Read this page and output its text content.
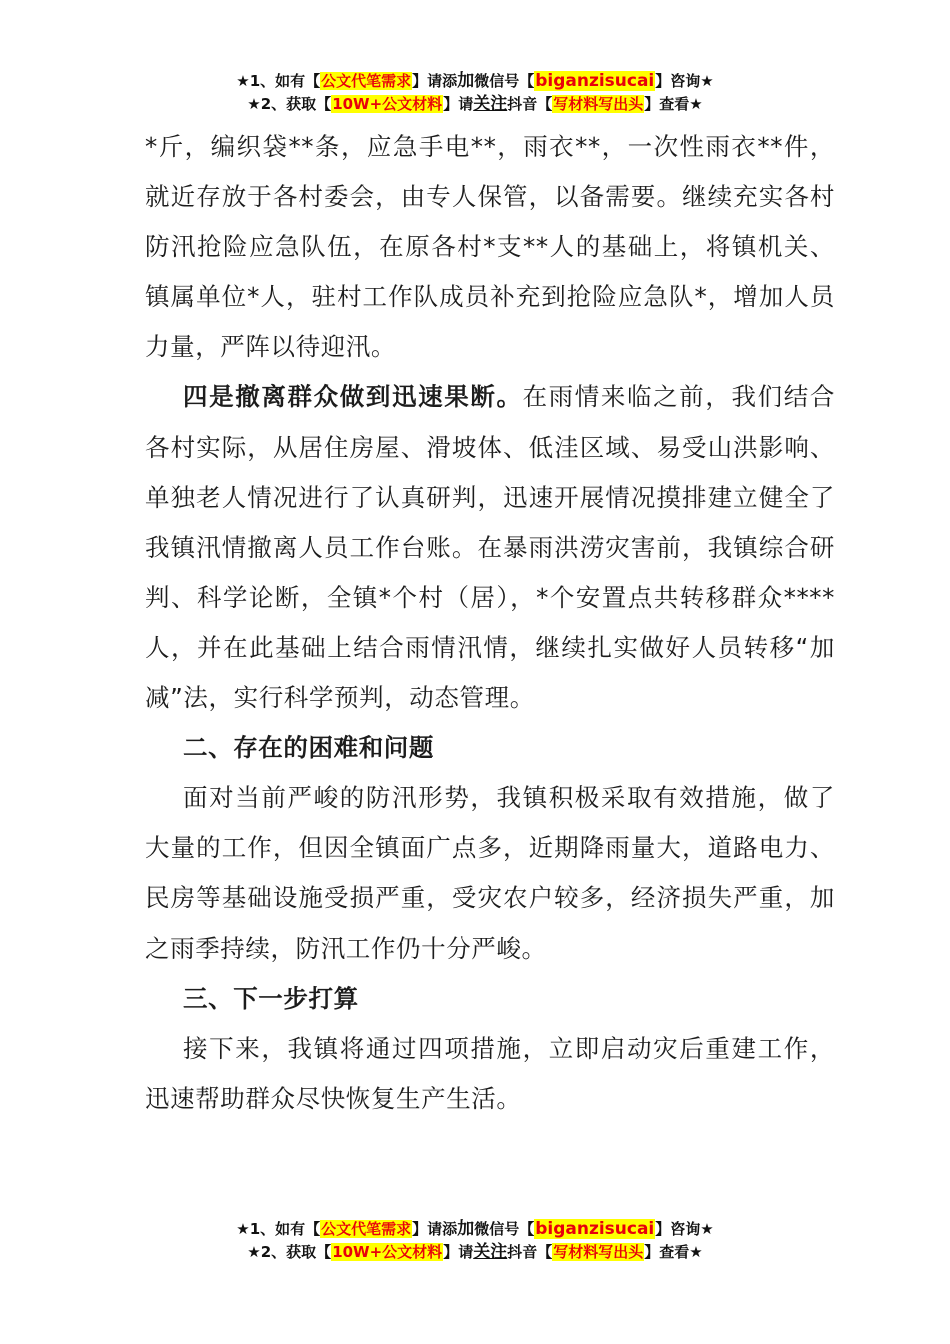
★1、如有【公文代笔需求】请添加微信号【biganzisucai】咨询★
★2、获取【10W+公文材料】请关注抖音【写材料写出头】查看★

*斤，编织袋**条，应急手电**，雨衣**，一次性雨衣**件，就近存放于各村委会，由专人保管，以备需要。继续充实各村防汛抢险应急队伍，在原各村*支**人的基础上，将镇机关、镇属单位*人，驻村工作队成员补充到抢险应急队*，增加人员力量，严阵以待迎汛。

四是撤离群众做到迅速果断。在雨情来临之前，我们结合各村实际，从居住房屋、滑坡体、低洼区域、易受山洪影响、单独老人情况进行了认真研判，迅速开展情况摸排建立健全了我镇汛情撤离人员工作台账。在暴雨洪涝灾害前，我镇综合研判、科学论断，全镇*个村（居），*个安置点共转移群众****人，并在此基础上结合雨情汛情，继续扎实做好人员转移“加减”法，实行科学预判，动态管理。

二、存在的困难和问题

面对当前严峻的防汛形势，我镇积极采取有效措施，做了大量的工作，但因全镇面广点多，近期降雨量大，道路电力、民房等基础设施受损严重，受灾农户较多，经济损失严重，加之雨季持续，防汛工作仍十分严峻。

三、下一步打算

接下来，我镇将通过四项措施，立即启动灾后重建工作，迅速帮助群众尽快恢复生产生活。

★1、如有【公文代笔需求】请添加微信号【biganzisucai】咨询★
★2、获取【10W+公文材料】请关注抖音【写材料写出头】查看★
